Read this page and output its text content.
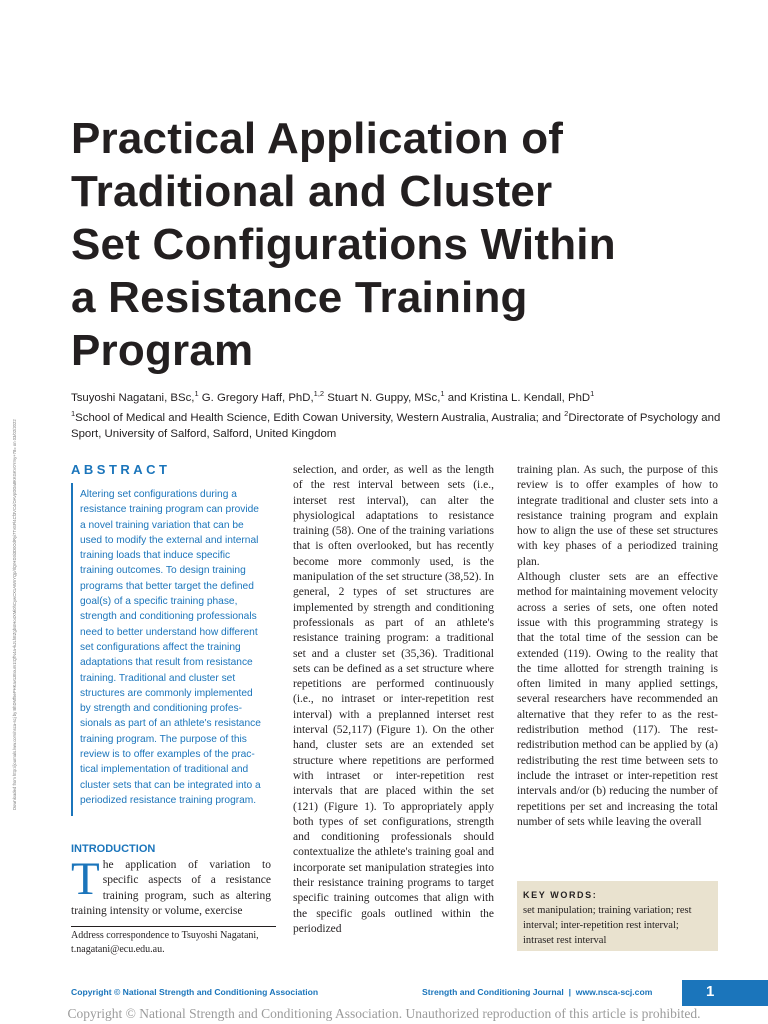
Downloaded from http://journals.lww.com/nsca-scj by BhDMf5ePHKav1zEoum1tQfN4a+kJLhEZgbsIHo4XMi0hCywCX1AWnYQp/IlQrHD3i3D0OdRyi7TvSFl4Cf3VC4/OAVpDDa8KKGKV0Ymy+78= on 03/02/2022
Practical Application of
Traditional and Cluster
Set Configurations Within
a Resistance Training
Program
Tsuyoshi Nagatani, BSc,$^1$ G. Gregory Haff, PhD,$^{1,2}$ Stuart N. Guppy, MSc,$^1$ and Kristina L. Kendall, PhD$^1$
$^1$School of Medical and Health Science, Edith Cowan University, Western Australia, Australia; and $^2$Directorate of Psychology and Sport, University of Salford, Salford, United Kingdom
ABSTRACT
Altering set configurations during a
resistance training program can provide
a novel training variation that can be
used to modify the external and internal
training loads that induce specific
training outcomes. To design training
programs that better target the defined
goal(s) of a specific training phase,
strength and conditioning professionals
need to better understand how different
set configurations affect the training
adaptations that result from resistance
training. Traditional and cluster set
structures are commonly implemented
by strength and conditioning profes-
sionals as part of an athlete's resistance
training program. The purpose of this
review is to offer examples of the prac-
tical implementation of traditional and
cluster sets that can be integrated into a
periodized resistance training program.
INTRODUCTION
The application of variation to specific aspects of a resistance training program, such as altering training intensity or volume, exercise
Address correspondence to Tsuyoshi Nagatani, t.nagatani@ecu.edu.au.

selection, and order, as well as the length of the rest interval between sets (i.e., interset rest interval), can alter the physiological adaptations to resistance training (58). One of the training variations that is often overlooked, but has recently become more commonly used, is the manipulation of the set structure (38,52). In general, 2 types of set structures are implemented by strength and conditioning professionals as part of an athlete's resistance training program: a traditional set and a cluster set (35,36). Traditional sets can be defined as a set structure where repetitions are performed continuously (i.e., no intraset or inter-repetition rest interval) with a preplanned interset rest interval (52,117) (Figure 1). On the other hand, cluster sets are an extended set structure where repetitions are performed with intraset or inter-repetition rest intervals that are placed within the set (121) (Figure 1). To appropriately apply both types of set configurations, strength and conditioning professionals should contextualize the athlete's training goal and incorporate set manipulation strategies into their resistance training programs to target specific training outcomes that align with the specific goals outlined within the periodized

training plan. As such, the purpose of this review is to offer examples of how to integrate traditional and cluster sets into a resistance training program and explain how to align the use of these set structures with key phases of a periodized training plan.

Although cluster sets are an effective method for maintaining movement velocity across a series of sets, one often noted issue with this programming strategy is that the total time of the session can be extended (119). Owing to the reality that the time allotted for strength training is often limited in many applied settings, several researchers have recommended an alternative that they refer to as the rest-redistribution method (117). The rest-redistribution method can be applied by (a) redistributing the rest time between sets to include the intraset or inter-repetition rest intervals and/or (b) reducing the number of repetitions per set and increasing the total number of sets while leaving the overall

KEY WORDS:
set manipulation; training variation; rest interval; inter-repetition rest interval; intraset rest interval
Copyright © National Strength and Conditioning Association	Strength and Conditioning Journal | www.nsca-scj.com	1
Copyright © National Strength and Conditioning Association. Unauthorized reproduction of this article is prohibited.
